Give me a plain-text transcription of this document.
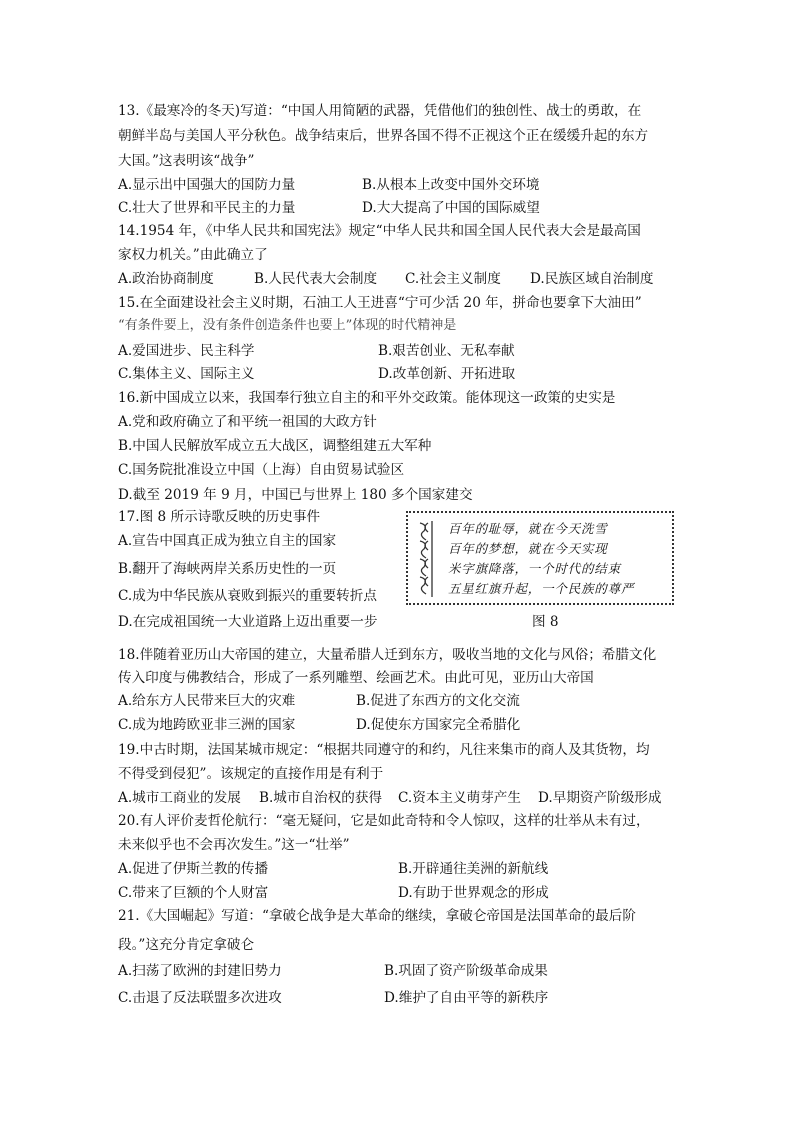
13.《最寒冷的冬天)写道：“中国人用简陋的武器，凭借他们的独创性、战士的勇敢，在
朝鲜半岛与美国人平分秋色。战争结束后，世界各国不得不正视这个正在缓缓升起的东方
大国。”这表明该“战争”
A.显示出中国强大的国防力量	B.从根本上改变中国外交环境
C.壮大了世界和平民主的力量	D.大大提高了中国的国际威望
14.1954 年，《中华人民共和国宪法》规定“中华人民共和国全国人民代表大会是最高国
家权力机关。”由此确立了
A.政治协商制度	B.人民代表大会制度 C.社会主义制度 D.民族区域自治制度
15.在全面建设社会主义时期，石油工人王进喜“宁可少活 20 年，拼命也要拿下大油田”
“有条件要上，没有条件创造条件也要上”体现的时代精神是
A.爱国进步、民主科学	B.艰苦创业、无私奉献
C.集体主义、国际主义	D.改革创新、开拓进取
16.新中国成立以来，我国奉行独立自主的和平外交政策。能体现这一政策的史实是
A.党和政府确立了和平统一祖国的大政方针
B.中国人民解放军成立五大战区，调整组建五大军种
C.国务院批准设立中国（上海）自由贸易试验区
D.截至 2019 年 9 月，中国已与世界上 180 多个国家建交
17.图 8 所示诗歌反映的历史事件
A.宣告中国真正成为独立自主的国家
B.翻开了海峡两岸关系历史性的一页
C.成为中华民族从衰败到振兴的重要转折点
D.在完成祖国统一大业道路上迈出重要一步
百年的耻辱，就在今天洗雪
百年的梦想，就在今天实现
米字旗降落，一个时代的结束
五星红旗升起，一个民族的尊严
图 8
18.伴随着亚历山大帝国的建立，大量希腊人迁到东方，吸收当地的文化与风俗；希腊文化
传入印度与佛教结合，形成了一系列雕塑、绘画艺术。由此可见，亚历山大帝国
A.给东方人民带来巨大的灾难	B.促进了东西方的文化交流
C.成为地跨欧亚非三洲的国家	D.促使东方国家完全希腊化
19.中古时期，法国某城市规定：“根据共同遵守的和约，凡往来集市的商人及其货物，均
不得受到侵犯”。该规定的直接作用是有利于
A.城市工商业的发展 B.城市自治权的获得 C.资本主义萌芽产生 D.早期资产阶级形成
20.有人评价麦哲伦航行：“毫无疑问，它是如此奇特和令人惊叹，这样的壮举从未有过，
未来似乎也不会再次发生。”这一“壮举”
A.促进了伊斯兰教的传播	B.开辟通往美洲的新航线
C.带来了巨额的个人财富	D.有助于世界观念的形成
21.《大国崛起》写道：“拿破仑战争是大革命的继续，拿破仑帝国是法国革命的最后阶
段。”这充分肯定拿破仑
A.扫荡了欧洲的封建旧势力	B.巩固了资产阶级革命成果
C.击退了反法联盟多次进攻	D.维护了自由平等的新秩序
